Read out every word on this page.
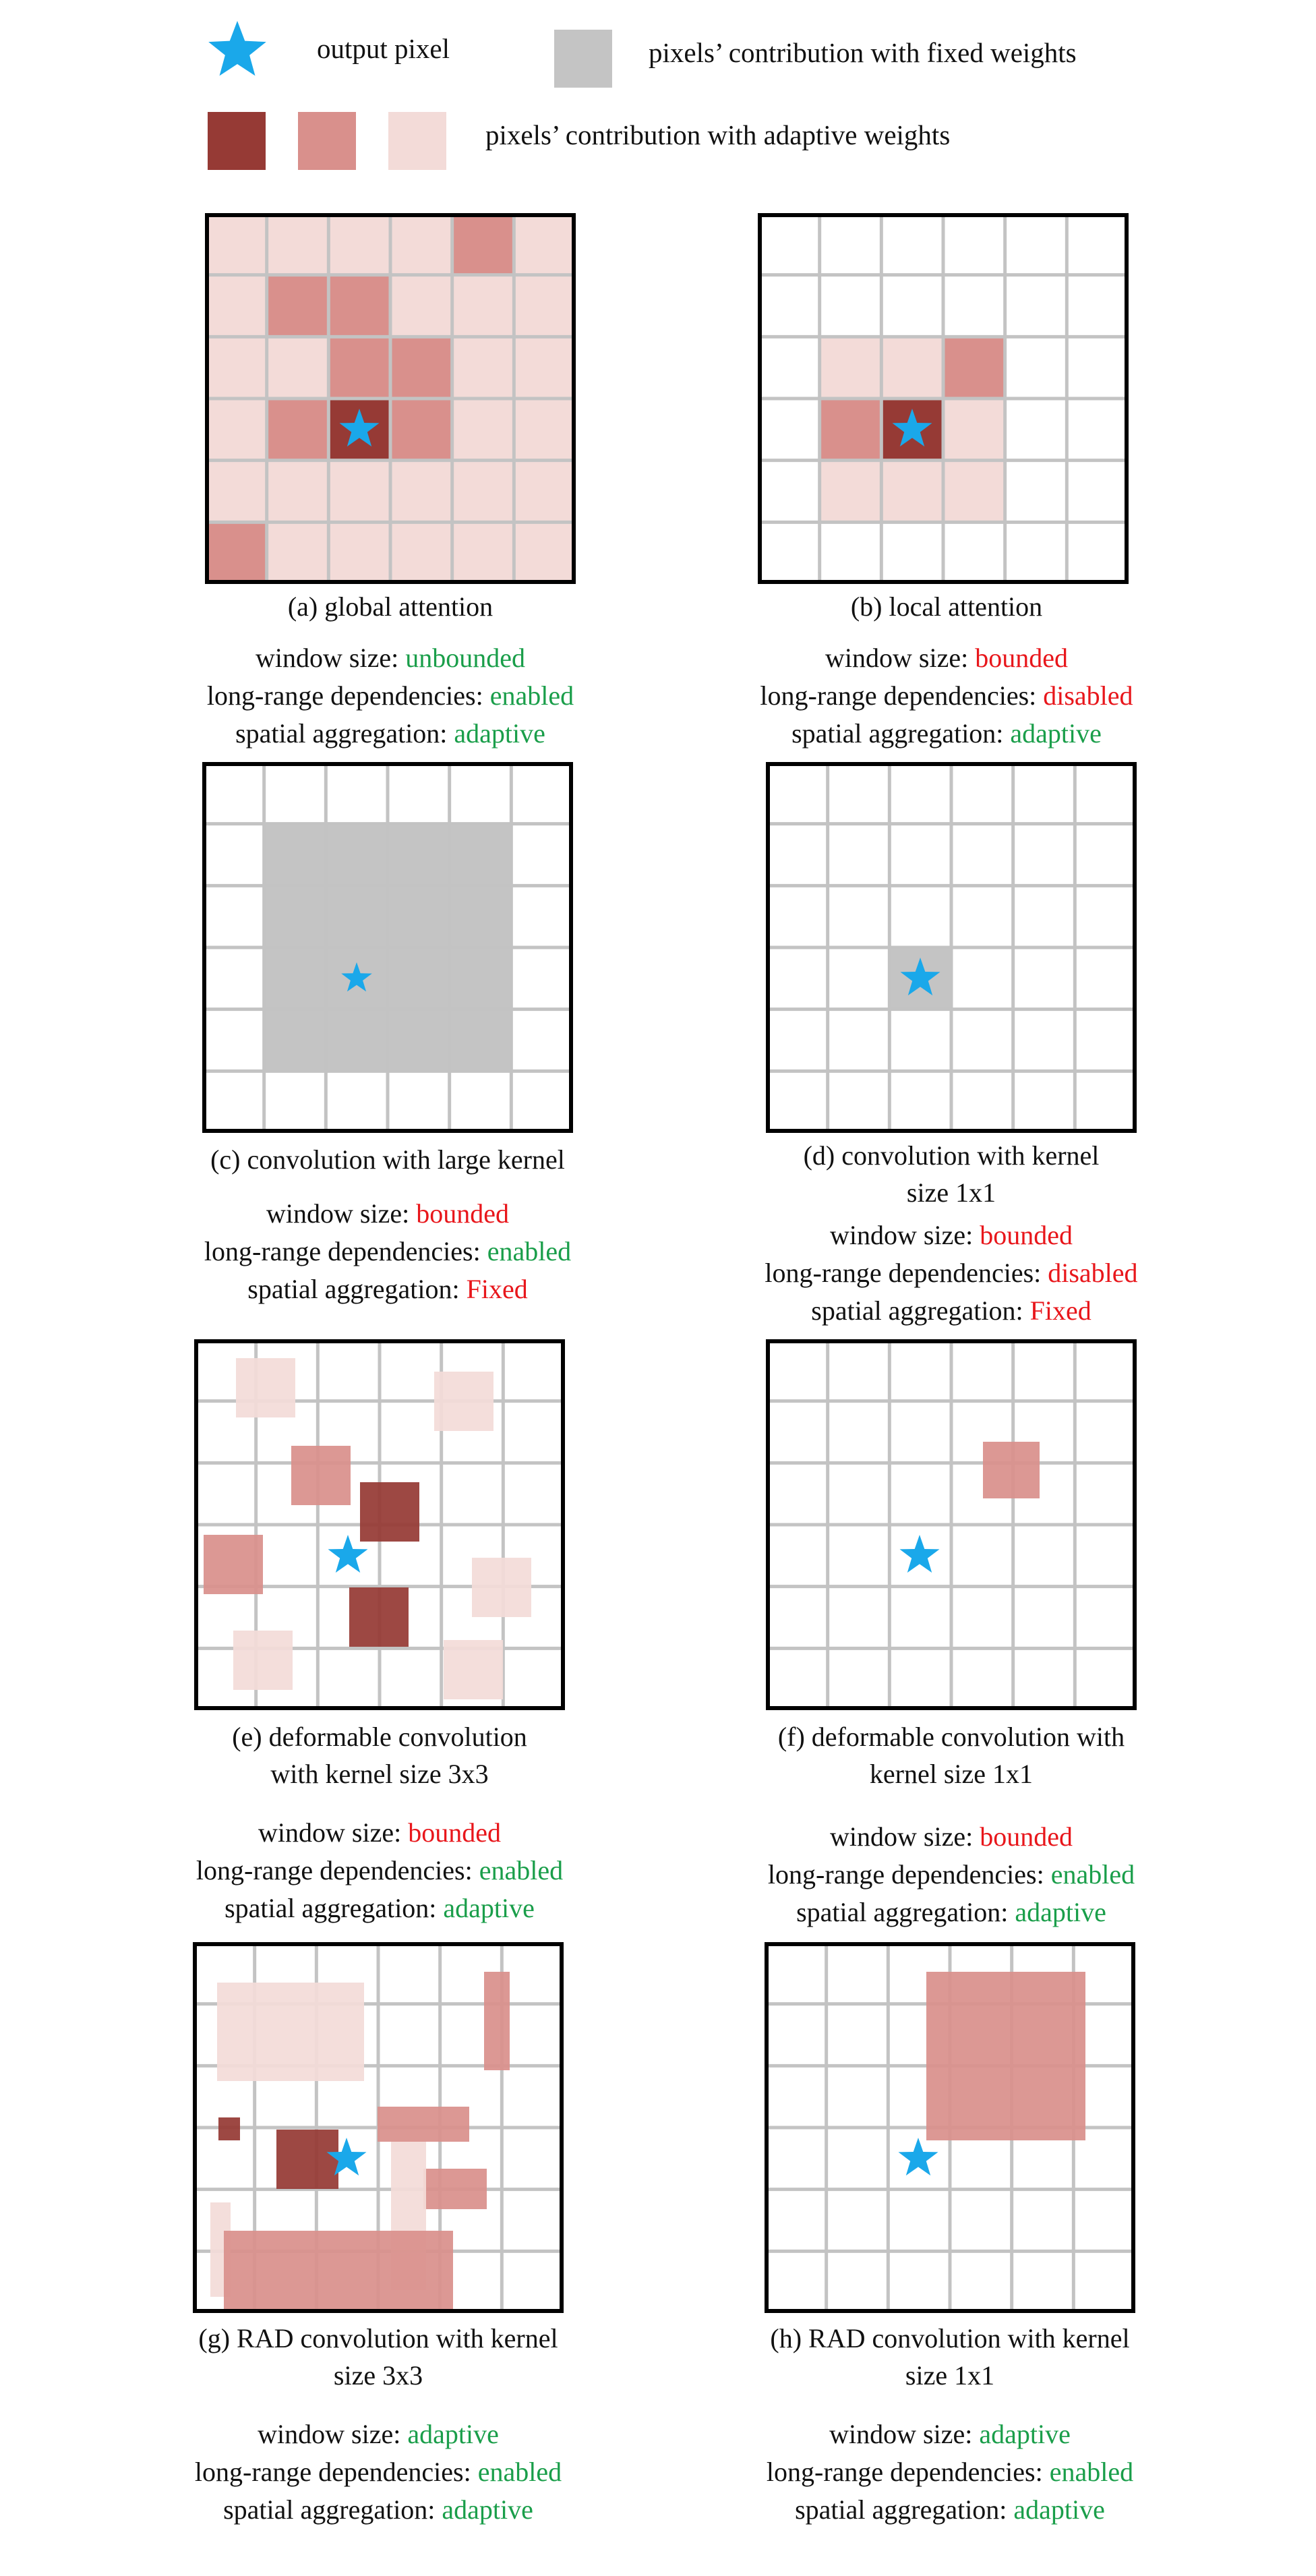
output pixel	pixels’ contribution with fixed weights
pixels’ contribution with adaptive weights
(a) global attention
window size: unbounded
long-range dependencies: enabled
spatial aggregation: adaptive
(b) local attention
window size: bounded
long-range dependencies: disabled
spatial aggregation: adaptive
(c) convolution with large kernel
window size: bounded
long-range dependencies: enabled
spatial aggregation: Fixed
(d) convolution with kernel
size 1x1
window size: bounded
long-range dependencies: disabled
spatial aggregation: Fixed
(e) deformable convolution
with kernel size 3x3
window size: bounded
long-range dependencies: enabled
spatial aggregation: adaptive
(f) deformable convolution with
kernel size 1x1
window size: bounded
long-range dependencies: enabled
spatial aggregation: adaptive
(g) RAD convolution with kernel
size 3x3
window size: adaptive
long-range dependencies: enabled
spatial aggregation: adaptive
(h) RAD convolution with kernel
size 1x1
window size: adaptive
long-range dependencies: enabled
spatial aggregation: adaptive
